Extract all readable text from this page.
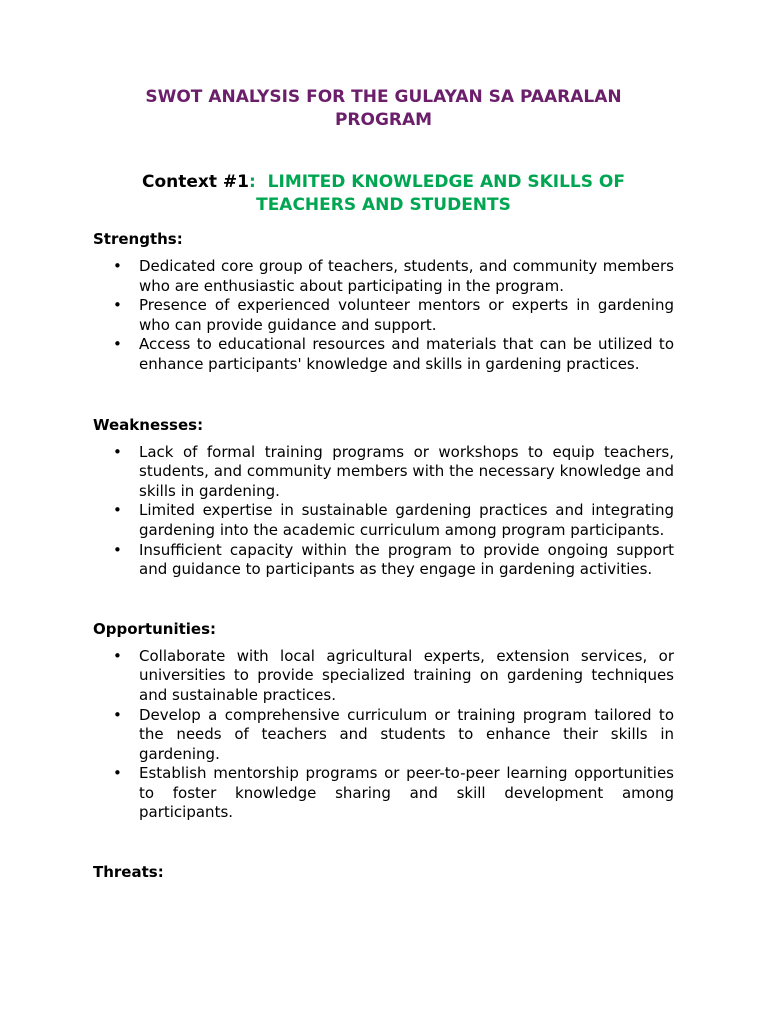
SWOT ANALYSIS FOR THE GULAYAN SA PAARALAN PROGRAM
Context #1: LIMITED KNOWLEDGE AND SKILLS OF TEACHERS AND STUDENTS
Strengths:
• Dedicated core group of teachers, students, and community members who are enthusiastic about participating in the program.
• Presence of experienced volunteer mentors or experts in gardening who can provide guidance and support.
• Access to educational resources and materials that can be utilized to enhance participants' knowledge and skills in gardening practices.
Weaknesses:
• Lack of formal training programs or workshops to equip teachers, students, and community members with the necessary knowledge and skills in gardening.
• Limited expertise in sustainable gardening practices and integrating gardening into the academic curriculum among program participants.
• Insufficient capacity within the program to provide ongoing support and guidance to participants as they engage in gardening activities.
Opportunities:
• Collaborate with local agricultural experts, extension services, or universities to provide specialized training on gardening techniques and sustainable practices.
• Develop a comprehensive curriculum or training program tailored to the needs of teachers and students to enhance their skills in gardening.
• Establish mentorship programs or peer-to-peer learning opportunities to foster knowledge sharing and skill development among participants.
Threats:
